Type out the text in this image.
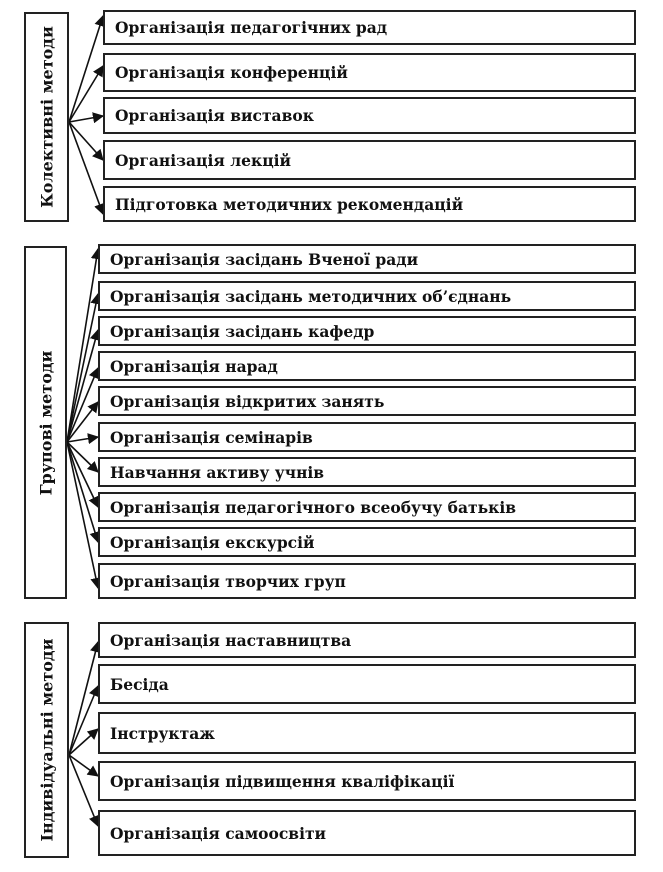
Колективні методи	Організація педагогічних рад
Організація конференцій
Організація виставок
Організація лекцій
Підготовка методичних рекомендацій
Групові методи
Організація засідань Вченої ради
Організація засідань методичних об’єднань
Організація засідань кафедр
Організація нарад
Організація відкритих занять
Організація семінарів
Навчання активу учнів
Організація педагогічного всеобучу батьків
Організація екскурсій
Організація творчих груп
Індивідуальні методи	Організація наставництва
Бесіда
Інструктаж
Організація підвищення кваліфікації
Організація самоосвіти
